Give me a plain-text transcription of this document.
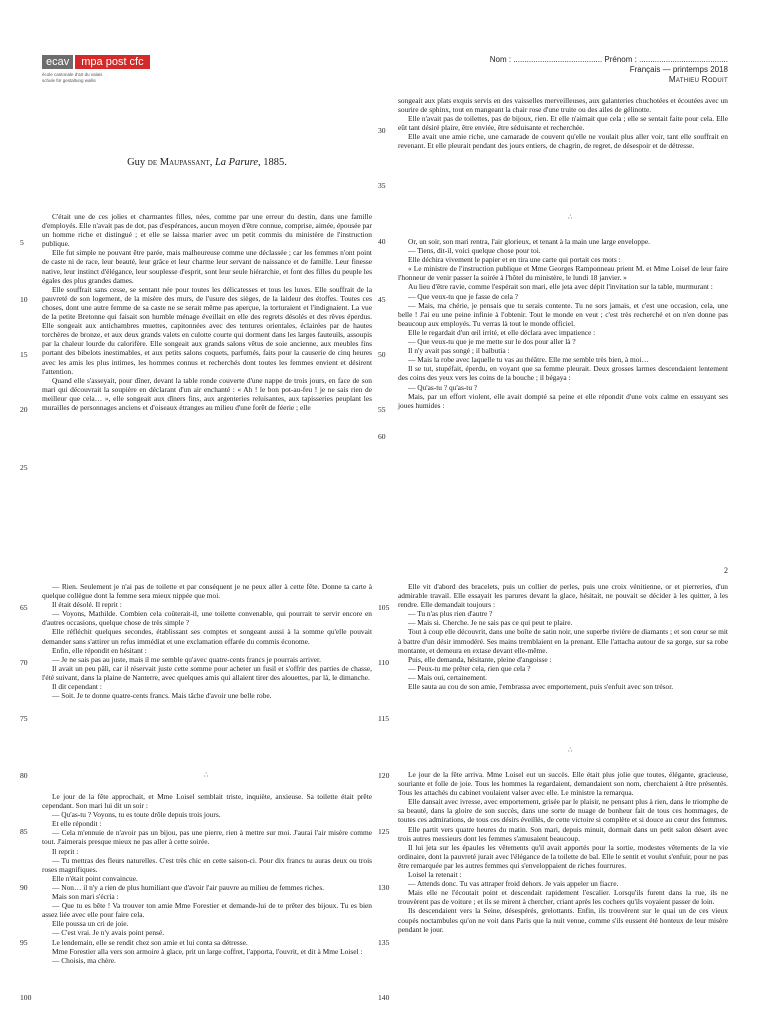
ecav	mpa post cfc
école cantonale d'art du valais
schule für gestaltung wallis
Nom : ........................................ Prénom : ........................................
Français — printemps 2018
Mathieu Roduit
Guy de Maupassant, La Parure, 1885.

C'était une de ces jolies et charmantes filles, nées, comme par une erreur du destin, dans une famille d'employés. Elle n'avait pas de dot, pas d'espérances, aucun moyen d'être connue, comprise, aimée, épousée par un homme riche et distingué ; et elle se laissa marier avec un petit commis du ministère de l'instruction publique.

Elle fut simple ne pouvant être parée, mais malheureuse comme une déclassée ; car les femmes n'ont point de caste ni de race, leur beauté, leur grâce et leur charme leur servant de naissance et de famille. Leur finesse native, leur instinct d'élégance, leur souplesse d'esprit, sont leur seule hiérarchie, et font des filles du peuple les égales des plus grandes dames.

Elle souffrait sans cesse, se sentant née pour toutes les délicatesses et tous les luxes. Elle souffrait de la pauvreté de son logement, de la misère des murs, de l'usure des sièges, de la laideur des étoffes. Toutes ces choses, dont une autre femme de sa caste ne se serait même pas aperçue, la torturaient et l'indignaient. La vue de la petite Bretonne qui faisait son humble ménage éveillait en elle des regrets désolés et des rêves éperdus. Elle songeait aux antichambres muettes, capitonnées avec des tentures orientales, éclairées par de hautes torchères de bronze, et aux deux grands valets en culotte courte qui dorment dans les larges fauteuils, assoupis par la chaleur lourde du calorifère. Elle songeait aux grands salons vêtus de soie ancienne, aux meubles fins portant des bibelots inestimables, et aux petits salons coquets, parfumés, faits pour la causerie de cinq heures avec les amis les plus intimes, les hommes connus et recherchés dont toutes les femmes envient et désirent l'attention.

Quand elle s'asseyait, pour dîner, devant la table ronde couverte d'une nappe de trois jours, en face de son mari qui découvrait la soupière en déclarant d'un air enchanté : « Ah ! le bon pot-au-feu ! je ne sais rien de meilleur que cela… », elle songeait aux dîners fins, aux argenteries reluisantes, aux tapisseries peuplant les murailles de personnages anciens et d'oiseaux étranges au milieu d'une forêt de féerie ; elle

5
10
15
20
25

songeait aux plats exquis servis en des vaisselles merveilleuses, aux galanteries chuchotées et écoutées avec un sourire de sphinx, tout en mangeant la chair rose d'une truite ou des ailes de gélinotte.

Elle n'avait pas de toilettes, pas de bijoux, rien. Et elle n'aimait que cela ; elle se sentait faite pour cela. Elle eût tant désiré plaire, être enviée, être séduisante et recherchée.

Elle avait une amie riche, une camarade de couvent qu'elle ne voulait plus aller voir, tant elle souffrait en revenant. Et elle pleurait pendant des jours entiers, de chagrin, de regret, de désespoir et de détresse.

∴

Or, un soir, son mari rentra, l'air glorieux, et tenant à la main une large enveloppe.

— Tiens, dit-il, voici quelque chose pour toi.

Elle déchira vivement le papier et en tira une carte qui portait ces mots :

« Le ministre de l'instruction publique et Mme Georges Ramponneau prient M. et Mme Loisel de leur faire l'honneur de venir passer la soirée à l'hôtel du ministère, le lundi 18 janvier. »

Au lieu d'être ravie, comme l'espérait son mari, elle jeta avec dépit l'invitation sur la table, murmurant :

— Que veux-tu que je fasse de cela ?

— Mais, ma chérie, je pensais que tu serais contente. Tu ne sors jamais, et c'est une occasion, cela, une belle ! J'ai eu une peine infinie à l'obtenir. Tout le monde en veut ; c'est très recherché et on n'en donne pas beaucoup aux employés. Tu verras là tout le monde officiel.

Elle le regardait d'un œil irrité, et elle déclara avec impatience :

— Que veux-tu que je me mette sur le dos pour aller là ?

Il n'y avait pas songé ; il balbutia :

— Mais la robe avec laquelle tu vas au théâtre. Elle me semble très bien, à moi…

Il se tut, stupéfait, éperdu, en voyant que sa femme pleurait. Deux grosses larmes descendaient lentement des coins des yeux vers les coins de la bouche ; il bégaya :

— Qu'as-tu ? qu'as-tu ?

Mais, par un effort violent, elle avait dompté sa peine et elle répondit d'une voix calme en essuyant ses joues humides :

30
35
40
45
50
55
60

— Rien. Seulement je n'ai pas de toilette et par conséquent je ne peux aller à cette fête. Donne ta carte à quelque collègue dont la femme sera mieux nippée que moi.

Il était désolé. Il reprit :

— Voyons, Mathilde. Combien cela coûterait-il, une toilette convenable, qui pourrait te servir encore en d'autres occasions, quelque chose de très simple ?

Elle réfléchit quelques secondes, établissant ses comptes et songeant aussi à la somme qu'elle pouvait demander sans s'attirer un refus immédiat et une exclamation effarée du commis économe.

Enfin, elle répondit en hésitant :

— Je ne sais pas au juste, mais il me semble qu'avec quatre-cents francs je pourrais arriver.

Il avait un peu pâli, car il réservait juste cette somme pour acheter un fusil et s'offrir des parties de chasse, l'été suivant, dans la plaine de Nanterre, avec quelques amis qui allaient tirer des alouettes, par là, le dimanche.

Il dit cependant :

— Soit. Je te donne quatre-cents francs. Mais tâche d'avoir une belle robe.

∴

Le jour de la fête approchait, et Mme Loisel semblait triste, inquiète, anxieuse. Sa toilette était prête cependant. Son mari lui dit un soir :

— Qu'as-tu ? Voyons, tu es toute drôle depuis trois jours.

Et elle répondit :

— Cela m'ennuie de n'avoir pas un bijou, pas une pierre, rien à mettre sur moi. J'aurai l'air misère comme tout. J'aimerais presque mieux ne pas aller à cette soirée.

Il reprit :

— Tu mettras des fleurs naturelles. C'est très chic en cette saison-ci. Pour dix francs tu auras deux ou trois roses magnifiques.

Elle n'était point convaincue.

— Non… il n'y a rien de plus humiliant que d'avoir l'air pauvre au milieu de femmes riches.

Mais son mari s'écria :

— Que tu es bête ! Va trouver ton amie Mme Forestier et demande-lui de te prêter des bijoux. Tu es bien assez liée avec elle pour faire cela.

Elle poussa un cri de joie.

— C'est vrai. Je n'y avais point pensé.

Le lendemain, elle se rendit chez son amie et lui conta sa détresse.

Mme Forestier alla vers son armoire à glace, prit un large coffret, l'apporta, l'ouvrit, et dit à Mme Loisel :

— Choisis, ma chère.

65
70
75
80
85
90
95
100

Elle vit d'abord des bracelets, puis un collier de perles, puis une croix vénitienne, or et pierreries, d'un admirable travail. Elle essayait les parures devant la glace, hésitait, ne pouvait se décider à les quitter, à les rendre. Elle demandait toujours :

— Tu n'as plus rien d'autre ?

— Mais si. Cherche. Je ne sais pas ce qui peut te plaire.

Tout à coup elle découvrit, dans une boîte de satin noir, une superbe rivière de diamants ; et son cœur se mit à battre d'un désir immodéré. Ses mains tremblaient en la prenant. Elle l'attacha autour de sa gorge, sur sa robe montante, et demeura en extase devant elle-même.

Puis, elle demanda, hésitante, pleine d'angoisse :

— Peux-tu me prêter cela, rien que cela ?

— Mais oui, certainement.

Elle sauta au cou de son amie, l'embrassa avec emportement, puis s'enfuit avec son trésor.

∴

Le jour de la fête arriva. Mme Loisel eut un succès. Elle était plus jolie que toutes, élégante, gracieuse, souriante et folle de joie. Tous les hommes la regardaient, demandaient son nom, cherchaient à être présentés. Tous les attachés du cabinet voulaient valser avec elle. Le ministre la remarqua.

Elle dansait avec ivresse, avec emportement, grisée par le plaisir, ne pensant plus à rien, dans le triomphe de sa beauté, dans la gloire de son succès, dans une sorte de nuage de bonheur fait de tous ces hommages, de toutes ces admirations, de tous ces désirs éveillés, de cette victoire si complète et si douce au cœur des femmes.

Elle partit vers quatre heures du matin. Son mari, depuis minuit, dormait dans un petit salon désert avec trois autres messieurs dont les femmes s'amusaient beaucoup.

Il lui jeta sur les épaules les vêtements qu'il avait apportés pour la sortie, modestes vêtements de la vie ordinaire, dont la pauvreté jurait avec l'élégance de la toilette de bal. Elle le sentit et voulut s'enfuir, pour ne pas être remarquée par les autres femmes qui s'enveloppaient de riches fourrures.

Loisel la retenait :

— Attends donc. Tu vas attraper froid dehors. Je vais appeler un fiacre.

Mais elle ne l'écoutait point et descendait rapidement l'escalier. Lorsqu'ils furent dans la rue, ils ne trouvèrent pas de voiture ; et ils se mirent à chercher, criant après les cochers qu'ils voyaient passer de loin.

Ils descendaient vers la Seine, désespérés, grelottants. Enfin, ils trouvèrent sur le quai un de ces vieux coupés noctambules qu'on ne voit dans Paris que la nuit venue, comme s'ils eussent été honteux de leur misère pendant le jour.

105
110
115
120
125
130
135
140
2
